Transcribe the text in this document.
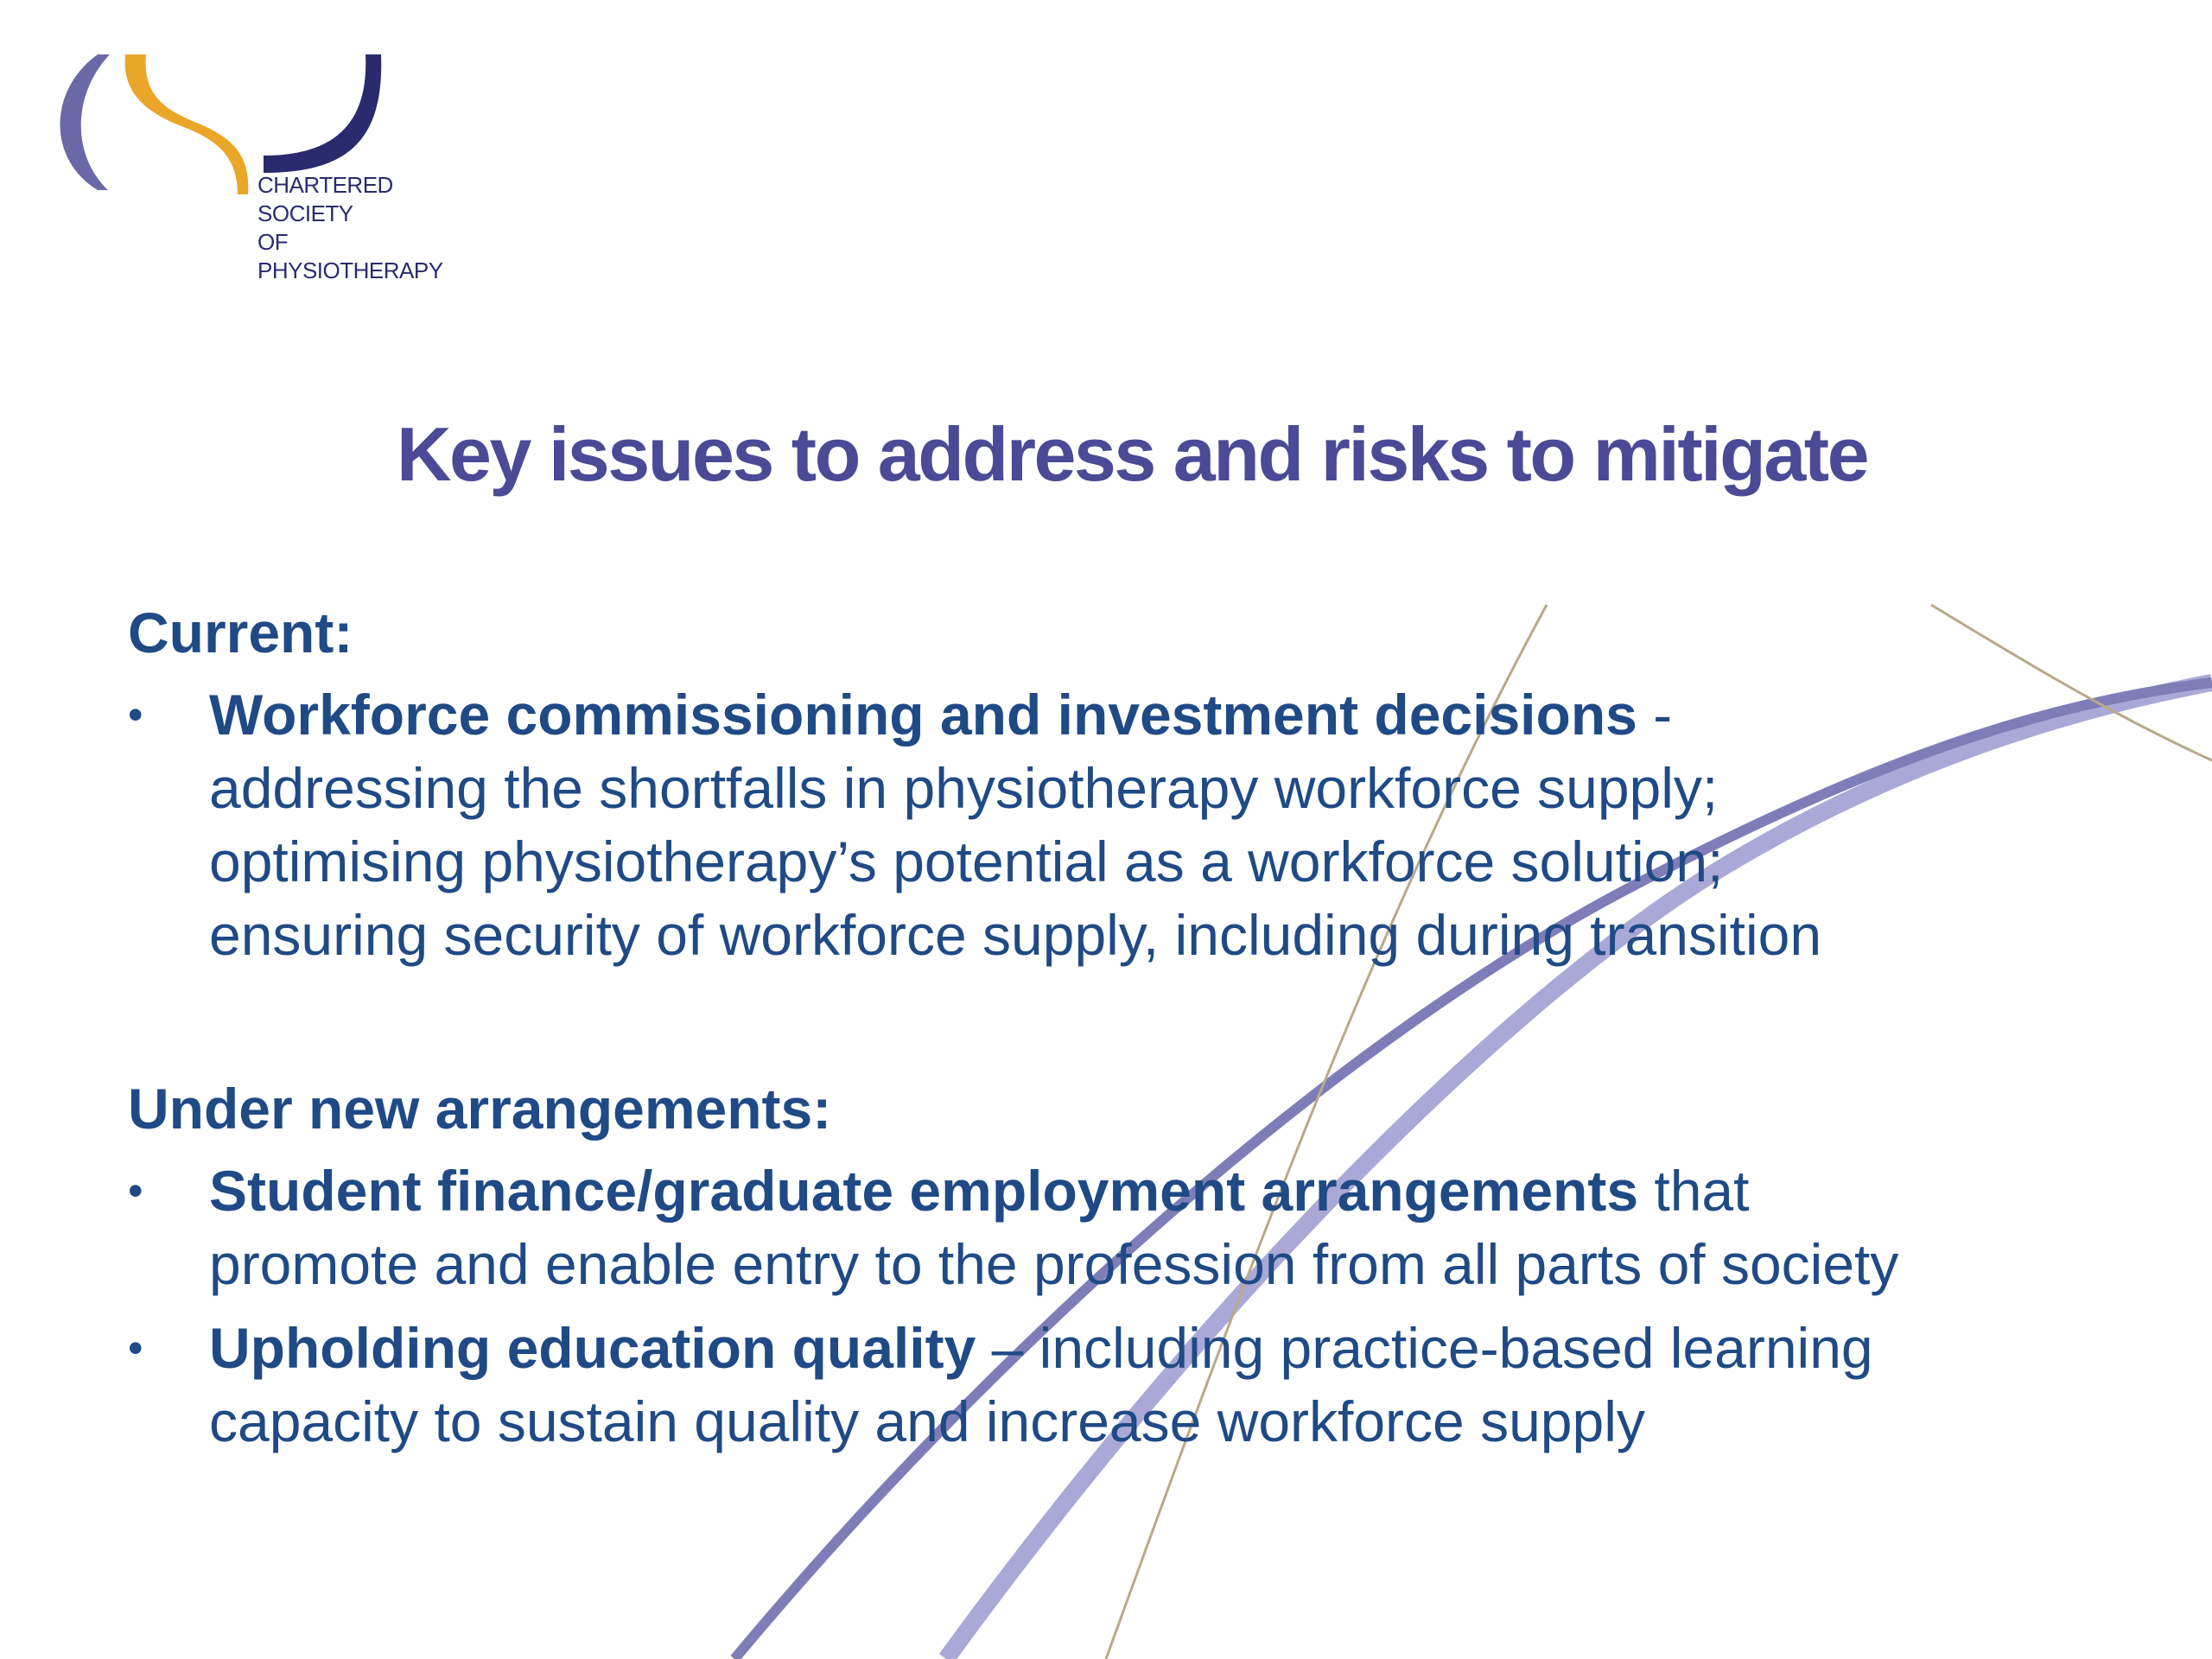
CHARTERED
SOCIETY
OF
PHYSIOTHERAPY
Key issues to address and risks to mitigate
Current:
• Workforce commissioning and investment decisions -
addressing the shortfalls in physiotherapy workforce supply;
optimising physiotherapy’s potential as a workforce solution;
ensuring security of workforce supply, including during transition
Under new arrangements:
• Student finance/graduate employment arrangements that
promote and enable entry to the profession from all parts of society
• Upholding education quality – including practice-based learning
capacity to sustain quality and increase workforce supply
